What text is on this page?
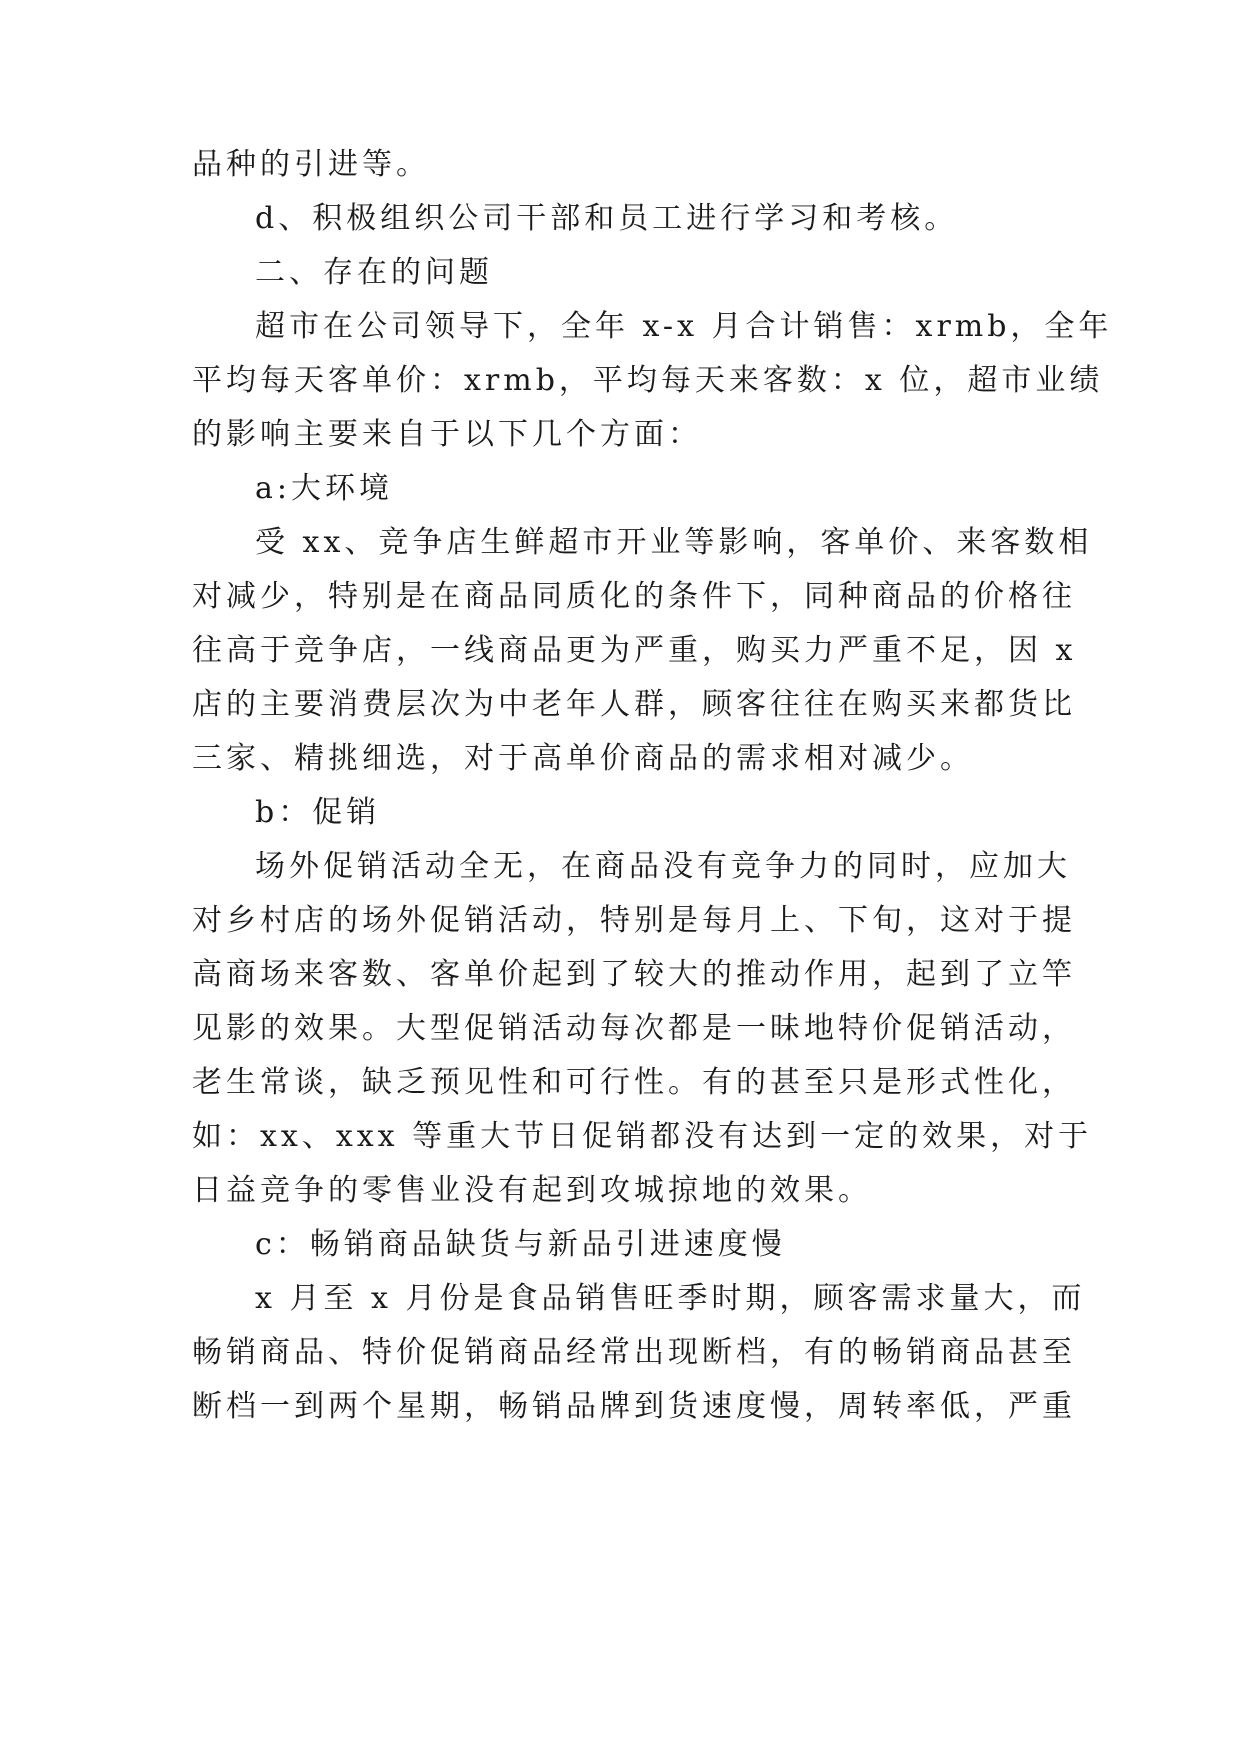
品种的引进等。
d、积极组织公司干部和员工进行学习和考核。
二、存在的问题
超市在公司领导下，全年 x-x 月合计销售：xrmb，全年
平均每天客单价：xrmb，平均每天来客数：x 位，超市业绩
的影响主要来自于以下几个方面：
a:大环境
受 xx、竞争店生鲜超市开业等影响，客单价、来客数相
对减少，特别是在商品同质化的条件下，同种商品的价格往
往高于竞争店，一线商品更为严重，购买力严重不足，因 x
店的主要消费层次为中老年人群，顾客往往在购买来都货比
三家、精挑细选，对于高单价商品的需求相对减少。
b：促销
场外促销活动全无，在商品没有竞争力的同时，应加大
对乡村店的场外促销活动，特别是每月上、下旬，这对于提
高商场来客数、客单价起到了较大的推动作用，起到了立竿
见影的效果。大型促销活动每次都是一昧地特价促销活动，
老生常谈，缺乏预见性和可行性。有的甚至只是形式性化，
如：xx、xxx 等重大节日促销都没有达到一定的效果，对于
日益竞争的零售业没有起到攻城掠地的效果。
c：畅销商品缺货与新品引进速度慢
x 月至 x 月份是食品销售旺季时期，顾客需求量大，而
畅销商品、特价促销商品经常出现断档，有的畅销商品甚至
断档一到两个星期，畅销品牌到货速度慢，周转率低，严重
